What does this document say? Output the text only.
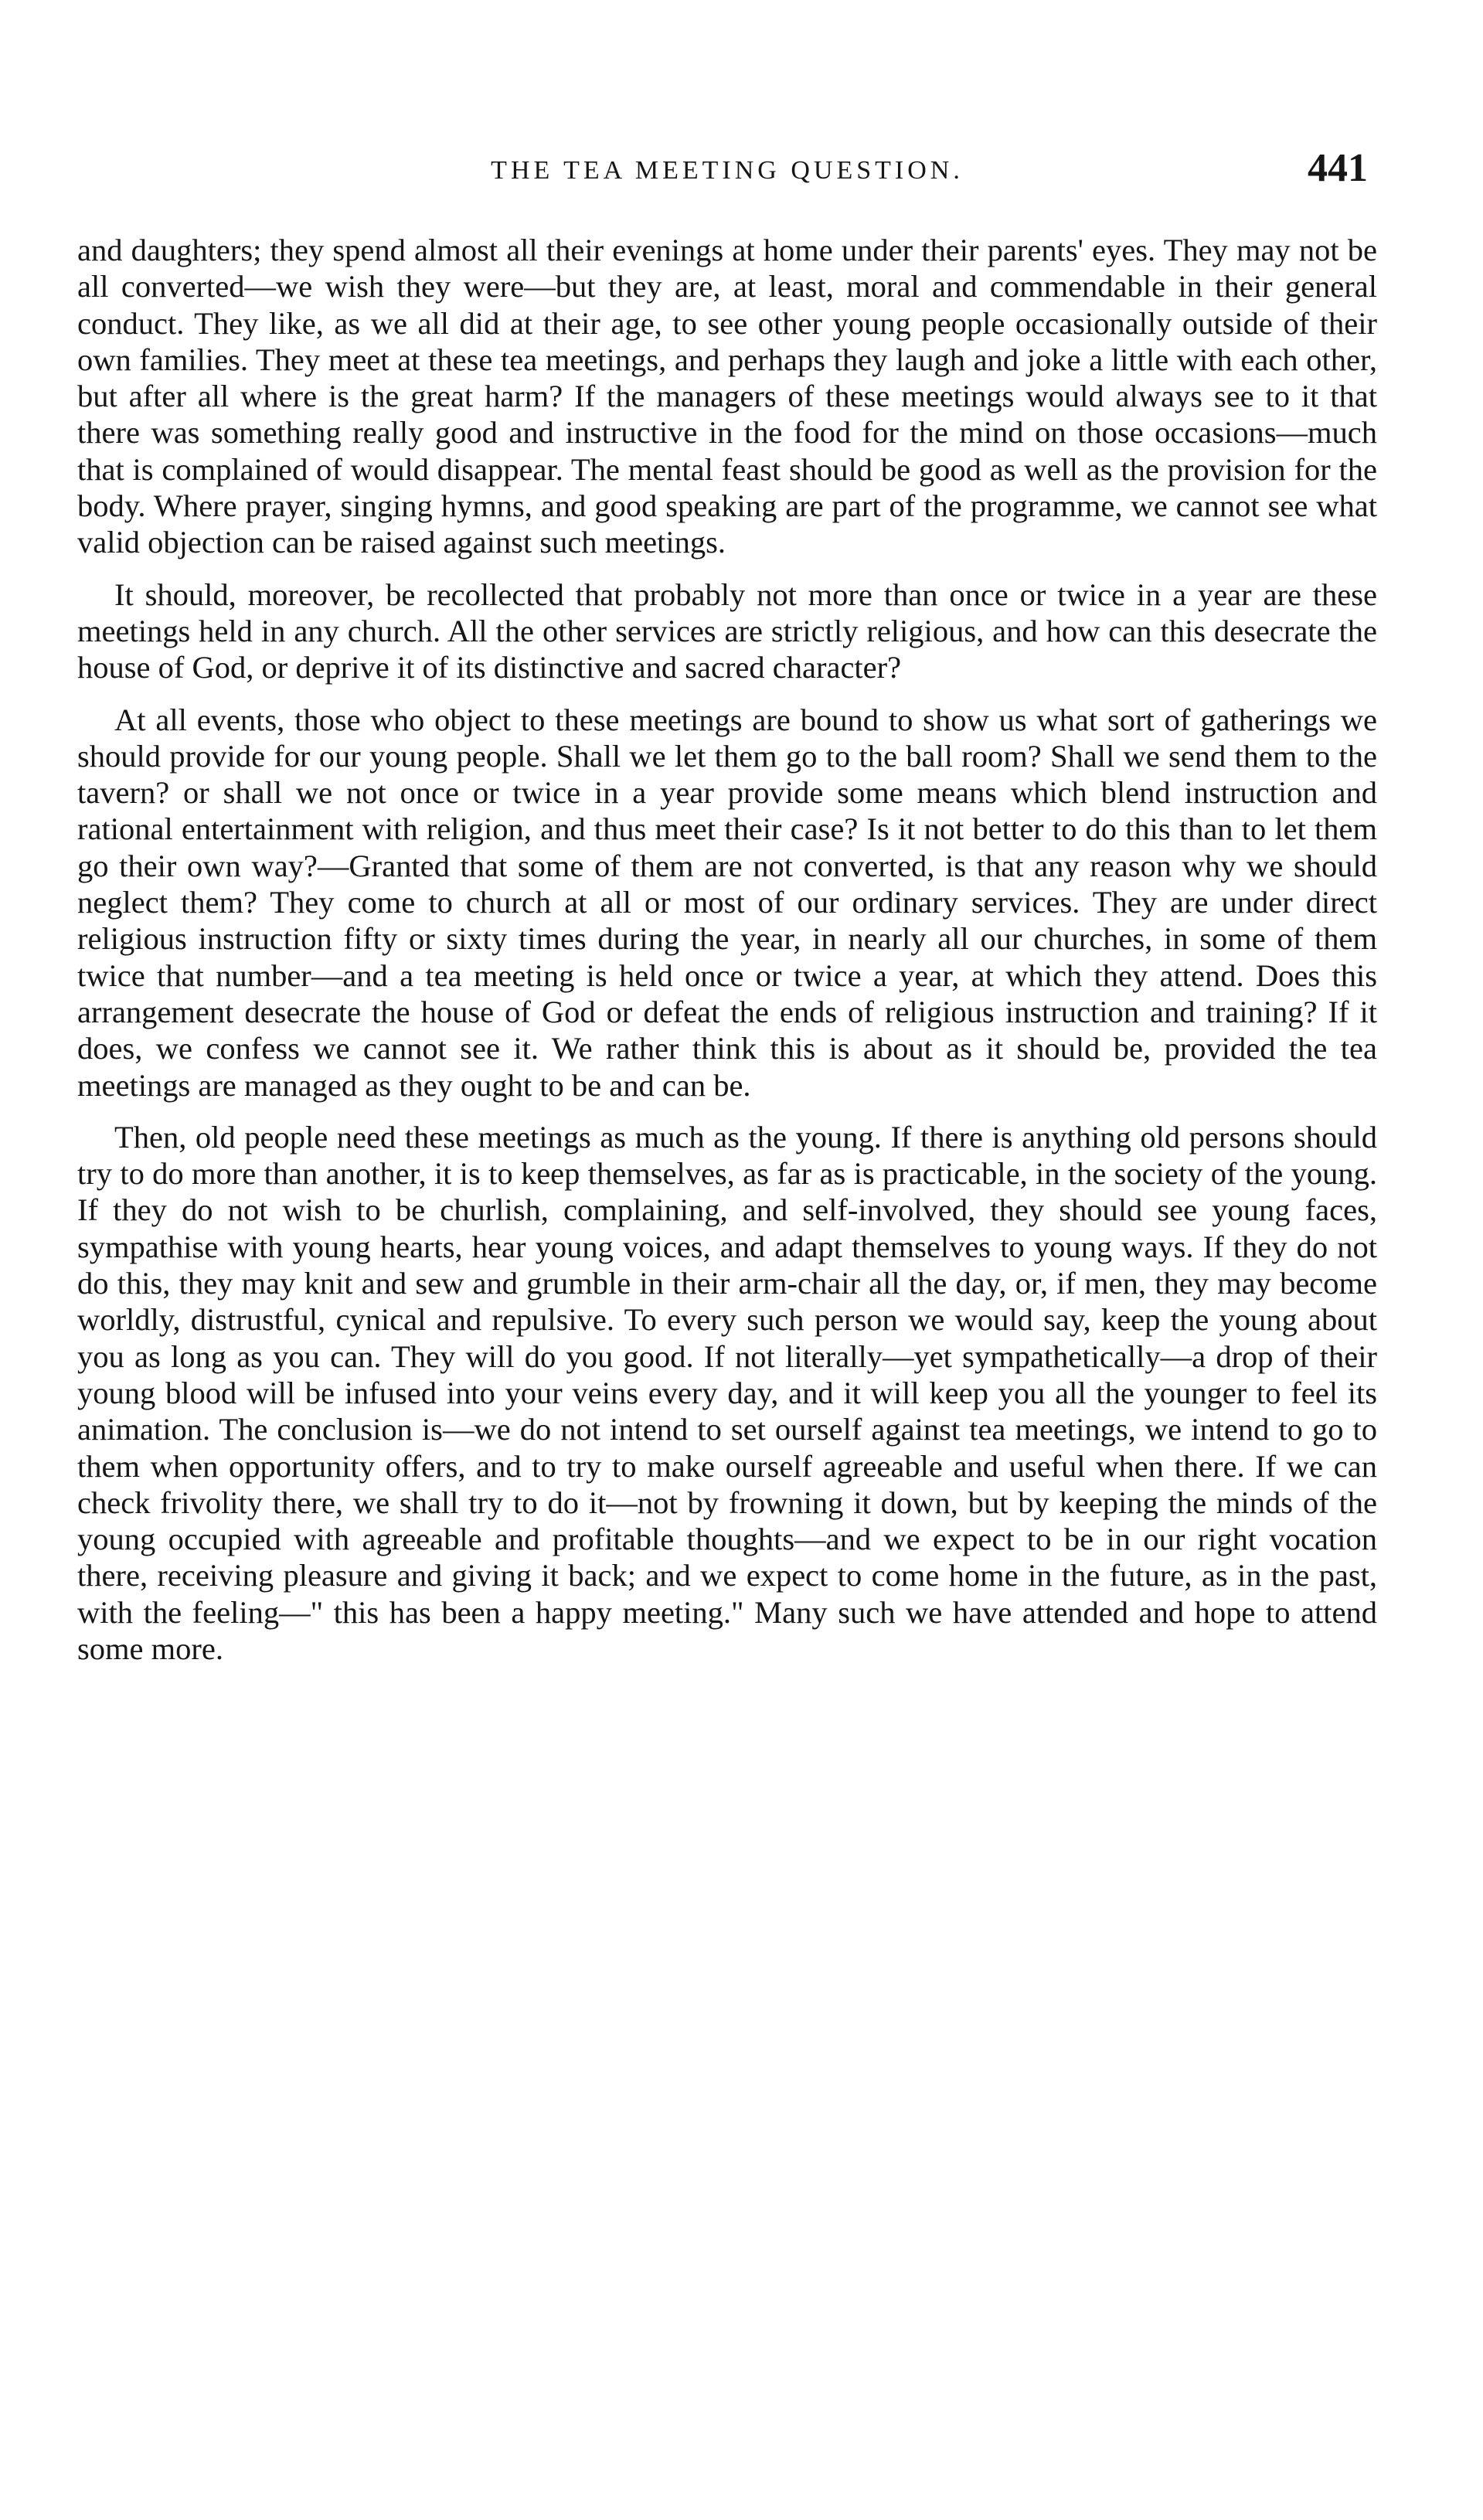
THE TEA MEETING QUESTION.	441

and daughters; they spend almost all their evenings at home under their parents' eyes. They may not be all converted—we wish they were—but they are, at least, moral and commendable in their general conduct. They like, as we all did at their age, to see other young people occasionally outside of their own families. They meet at these tea meetings, and perhaps they laugh and joke a little with each other, but after all where is the great harm? If the managers of these meetings would always see to it that there was something really good and instructive in the food for the mind on those occasions—much that is complained of would disappear. The mental feast should be good as well as the provision for the body. Where prayer, singing hymns, and good speaking are part of the programme, we cannot see what valid objection can be raised against such meetings.

It should, moreover, be recollected that probably not more than once or twice in a year are these meetings held in any church. All the other services are strictly religious, and how can this desecrate the house of God, or deprive it of its distinctive and sacred character?

At all events, those who object to these meetings are bound to show us what sort of gatherings we should provide for our young people. Shall we let them go to the ball room? Shall we send them to the tavern? or shall we not once or twice in a year provide some means which blend instruction and rational entertainment with religion, and thus meet their case? Is it not better to do this than to let them go their own way?—Granted that some of them are not converted, is that any reason why we should neglect them? They come to church at all or most of our ordinary services. They are under direct religious instruction fifty or sixty times during the year, in nearly all our churches, in some of them twice that number—and a tea meeting is held once or twice a year, at which they attend. Does this arrangement desecrate the house of God or defeat the ends of religious instruction and training? If it does, we confess we cannot see it. We rather think this is about as it should be, provided the tea meetings are managed as they ought to be and can be.

Then, old people need these meetings as much as the young. If there is anything old persons should try to do more than another, it is to keep themselves, as far as is practicable, in the society of the young. If they do not wish to be churlish, complaining, and self-involved, they should see young faces, sympathise with young hearts, hear young voices, and adapt themselves to young ways. If they do not do this, they may knit and sew and grumble in their arm-chair all the day, or, if men, they may become worldly, distrustful, cynical and repulsive. To every such person we would say, keep the young about you as long as you can. They will do you good. If not literally—yet sympathetically—a drop of their young blood will be infused into your veins every day, and it will keep you all the younger to feel its animation. The conclusion is—we do not intend to set ourself against tea meetings, we intend to go to them when opportunity offers, and to try to make ourself agreeable and useful when there. If we can check frivolity there, we shall try to do it—not by frowning it down, but by keeping the minds of the young occupied with agreeable and profitable thoughts—and we expect to be in our right vocation there, receiving pleasure and giving it back; and we expect to come home in the future, as in the past, with the feeling—" this has been a happy meeting." Many such we have attended and hope to attend some more.
